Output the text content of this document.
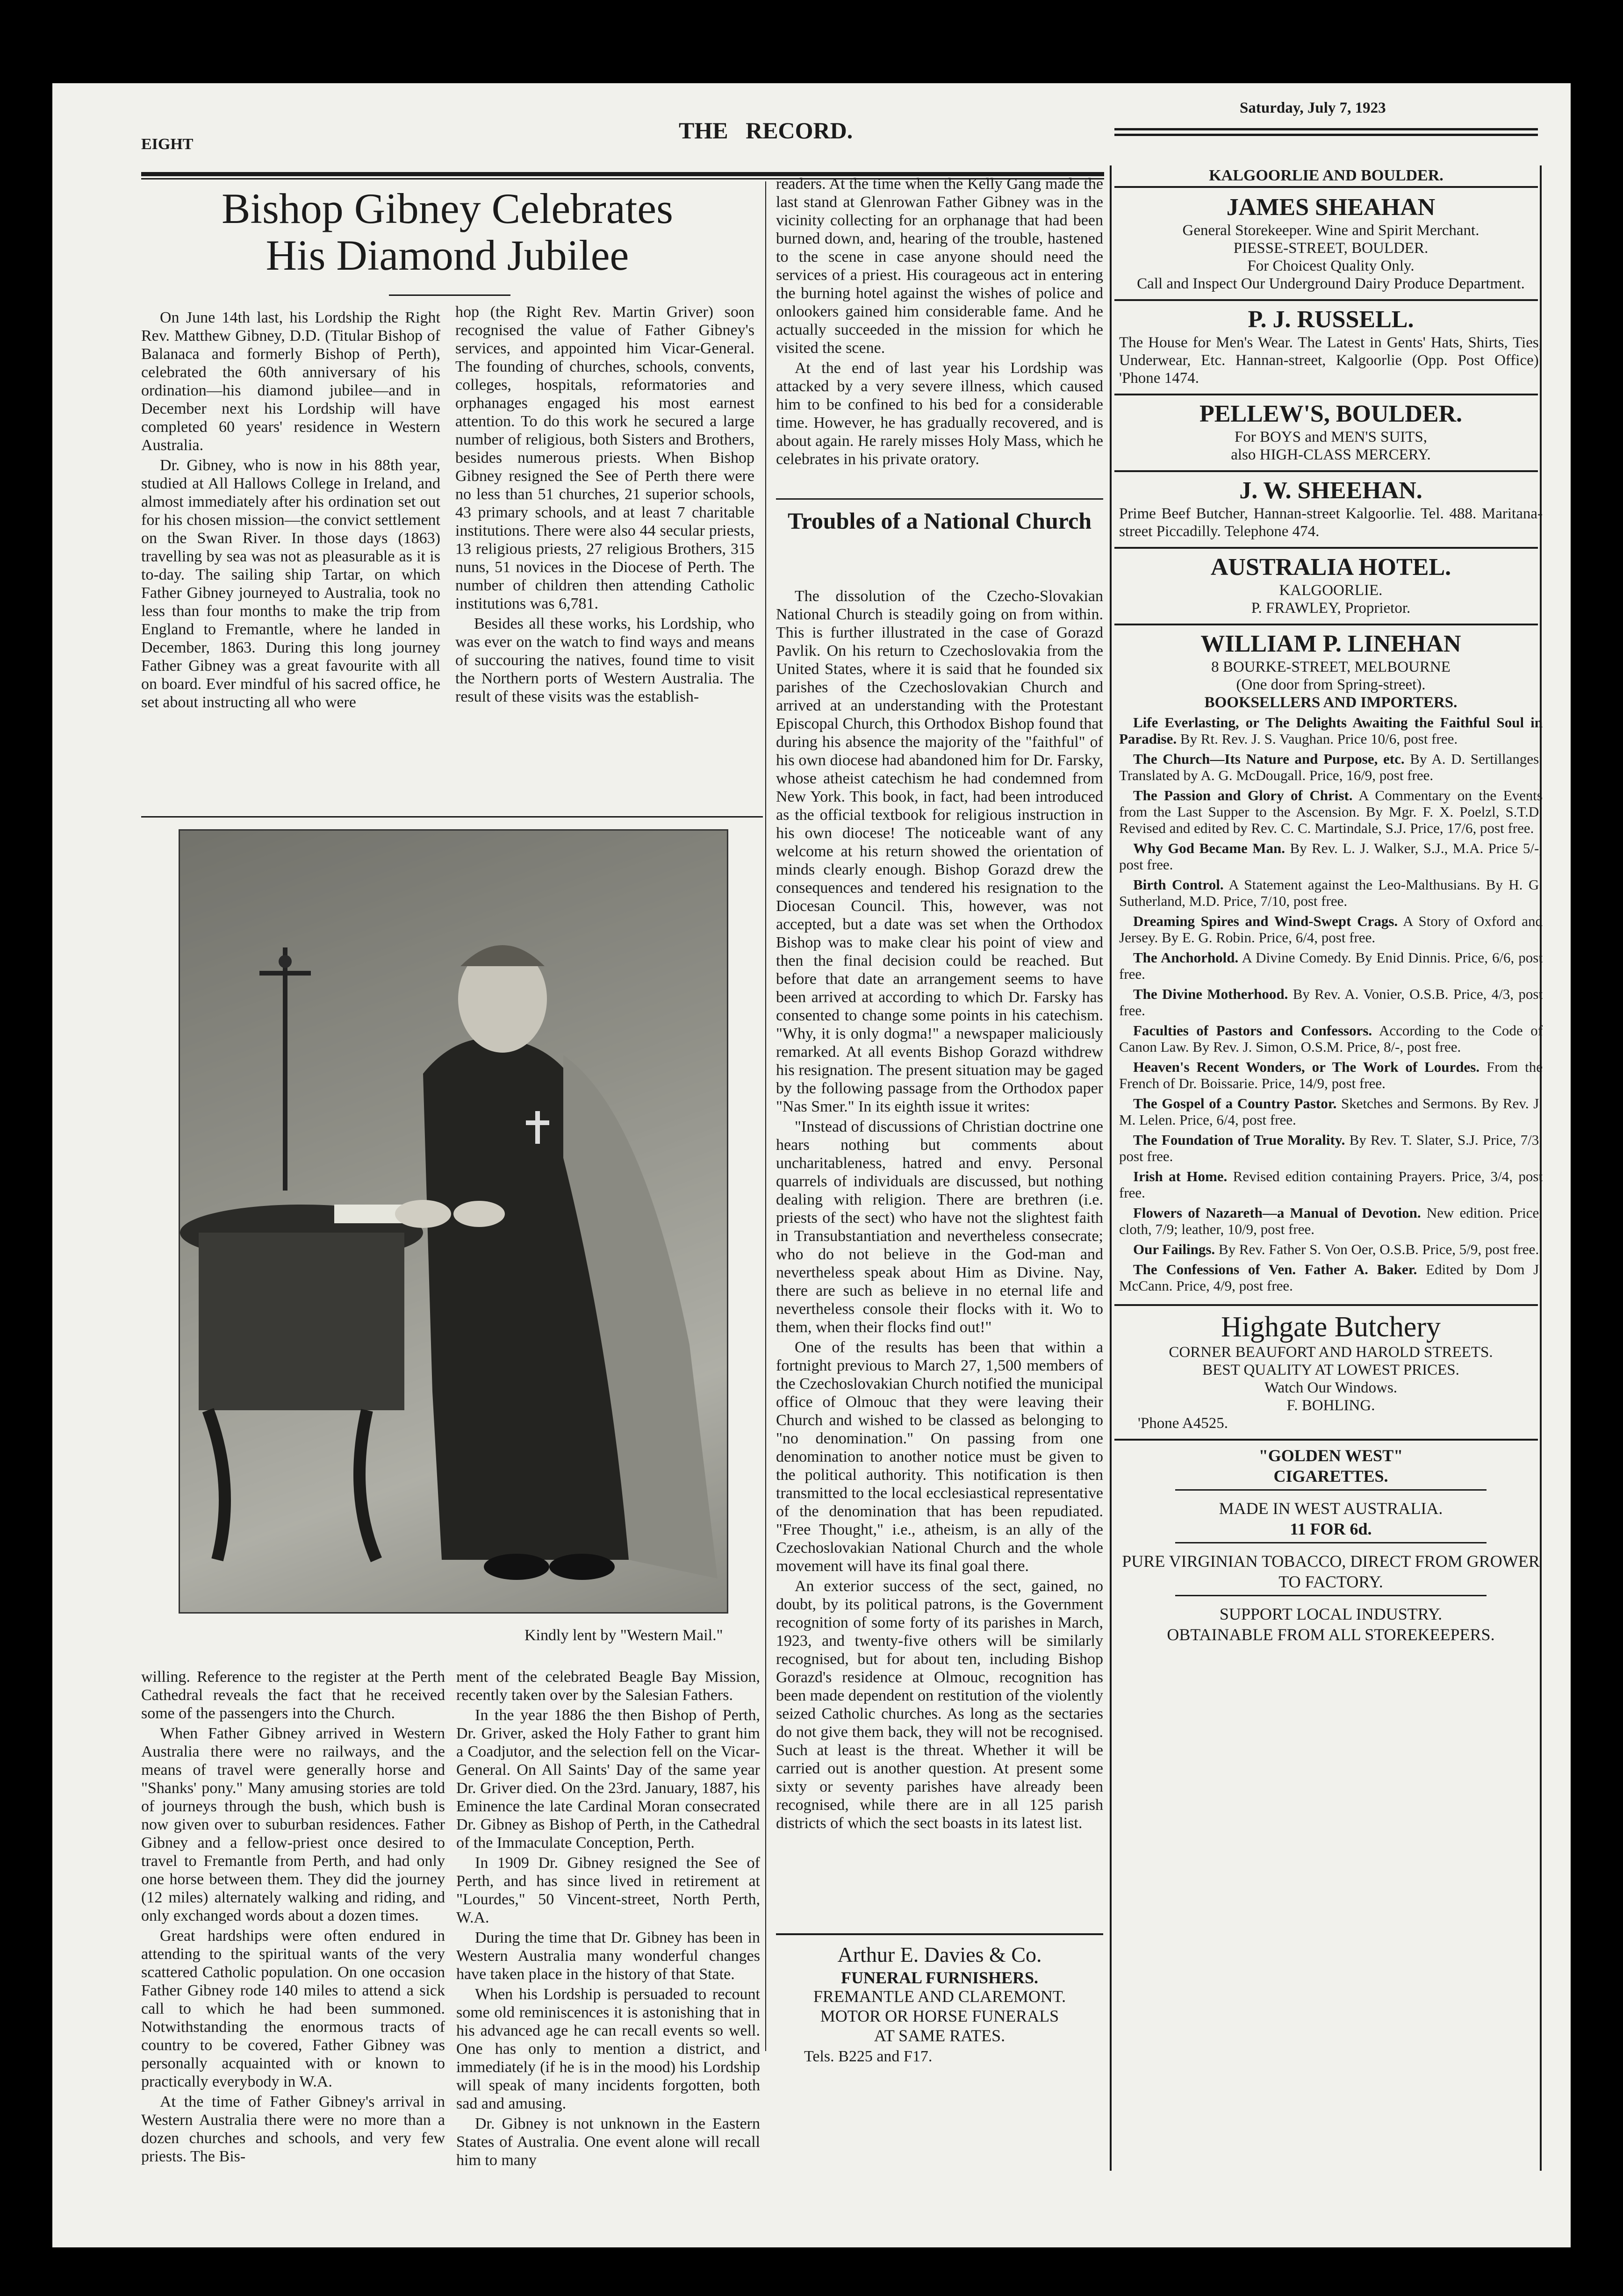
EIGHT
THE   RECORD.
Saturday, July 7, 1923
Bishop Gibney Celebrates
His Diamond Jubilee

On June 14th last, his Lordship the Right Rev. Matthew Gibney, D.D. (Titular Bishop of Balanaca and formerly Bishop of Perth), celebrated the 60th anniversary of his ordination—his diamond jubilee—and in December next his Lordship will have completed 60 years' residence in Western Australia.

Dr. Gibney, who is now in his 88th year, studied at All Hallows College in Ireland, and almost immediately after his ordination set out for his chosen mission—the convict settlement on the Swan River. In those days (1863) travelling by sea was not as pleasurable as it is to-day. The sailing ship Tartar, on which Father Gibney journeyed to Australia, took no less than four months to make the trip from England to Fremantle, where he landed in December, 1863. During this long journey Father Gibney was a great favourite with all on board. Ever mindful of his sacred office, he set about instructing all who were

hop (the Right Rev. Martin Griver) soon recognised the value of Father Gibney's services, and appointed him Vicar-General. The founding of churches, schools, convents, colleges, hospitals, reformatories and orphanages engaged his most earnest attention. To do this work he secured a large number of religious, both Sisters and Brothers, besides numerous priests. When Bishop Gibney resigned the See of Perth there were no less than 51 churches, 21 superior schools, 43 primary schools, and at least 7 charitable institutions. There were also 44 secular priests, 13 religious priests, 27 religious Brothers, 315 nuns, 51 novices in the Diocese of Perth. The number of children then attending Catholic institutions was 6,781.

Besides all these works, his Lordship, who was ever on the watch to find ways and means of succouring the natives, found time to visit the Northern ports of Western Australia. The result of these visits was the establish-

readers. At the time when the Kelly Gang made the last stand at Glenrowan Father Gibney was in the vicinity collecting for an orphanage that had been burned down, and, hearing of the trouble, hastened to the scene in case anyone should need the services of a priest. His courageous act in entering the burning hotel against the wishes of police and onlookers gained him considerable fame. And he actually succeeded in the mission for which he visited the scene.

At the end of last year his Lordship was attacked by a very severe illness, which caused him to be confined to his bed for a considerable time. However, he has gradually recovered, and is about again. He rarely misses Holy Mass, which he celebrates in his private oratory.

Kindly lent by "Western Mail."

willing. Reference to the register at the Perth Cathedral reveals the fact that he received some of the passengers into the Church.

When Father Gibney arrived in Western Australia there were no railways, and the means of travel were generally horse and "Shanks' pony." Many amusing stories are told of journeys through the bush, which bush is now given over to suburban residences. Father Gibney and a fellow-priest once desired to travel to Fremantle from Perth, and had only one horse between them. They did the journey (12 miles) alternately walking and riding, and only exchanged words about a dozen times.

Great hardships were often endured in attending to the spiritual wants of the very scattered Catholic population. On one occasion Father Gibney rode 140 miles to attend a sick call to which he had been summoned. Notwithstanding the enormous tracts of country to be covered, Father Gibney was personally acquainted with or known to practically everybody in W.A.

At the time of Father Gibney's arrival in Western Australia there were no more than a dozen churches and schools, and very few priests. The Bis-

ment of the celebrated Beagle Bay Mission, recently taken over by the Salesian Fathers.

In the year 1886 the then Bishop of Perth, Dr. Griver, asked the Holy Father to grant him a Coadjutor, and the selection fell on the Vicar-General. On All Saints' Day of the same year Dr. Griver died. On the 23rd. January, 1887, his Eminence the late Cardinal Moran consecrated Dr. Gibney as Bishop of Perth, in the Cathedral of the Immaculate Conception, Perth.

In 1909 Dr. Gibney resigned the See of Perth, and has since lived in retirement at "Lourdes," 50 Vincent-street, North Perth, W.A.

During the time that Dr. Gibney has been in Western Australia many wonderful changes have taken place in the history of that State.

When his Lordship is persuaded to recount some old reminiscences it is astonishing that in his advanced age he can recall events so well. One has only to mention a district, and immediately (if he is in the mood) his Lordship will speak of many incidents forgotten, both sad and amusing.

Dr. Gibney is not unknown in the Eastern States of Australia. One event alone will recall him to many

Troubles of a National Church

The dissolution of the Czecho-Slovakian National Church is steadily going on from within. This is further illustrated in the case of Gorazd Pavlik. On his return to Czechoslovakia from the United States, where it is said that he founded six parishes of the Czechoslovakian Church and arrived at an understanding with the Protestant Episcopal Church, this Orthodox Bishop found that during his absence the majority of the "faithful" of his own diocese had abandoned him for Dr. Farsky, whose atheist catechism he had condemned from New York. This book, in fact, had been introduced as the official textbook for religious instruction in his own diocese! The noticeable want of any welcome at his return showed the orientation of minds clearly enough. Bishop Gorazd drew the consequences and tendered his resignation to the Diocesan Council. This, however, was not accepted, but a date was set when the Orthodox Bishop was to make clear his point of view and then the final decision could be reached. But before that date an arrangement seems to have been arrived at according to which Dr. Farsky has consented to change some points in his catechism. "Why, it is only dogma!" a newspaper maliciously remarked. At all events Bishop Gorazd withdrew his resignation. The present situation may be gaged by the following passage from the Orthodox paper "Nas Smer." In its eighth issue it writes:

"Instead of discussions of Christian doctrine one hears nothing but comments about uncharitableness, hatred and envy. Personal quarrels of individuals are discussed, but nothing dealing with religion. There are brethren (i.e. priests of the sect) who have not the slightest faith in Transubstantiation and nevertheless consecrate; who do not believe in the God-man and nevertheless speak about Him as Divine. Nay, there are such as believe in no eternal life and nevertheless console their flocks with it. Wo to them, when their flocks find out!"

One of the results has been that within a fortnight previous to March 27, 1,500 members of the Czechoslovakian Church notified the municipal office of Olmouc that they were leaving their Church and wished to be classed as belonging to "no denomination." On passing from one denomination to another notice must be given to the political authority. This notification is then transmitted to the local ecclesiastical representative of the denomination that has been repudiated. "Free Thought," i.e., atheism, is an ally of the Czechoslovakian National Church and the whole movement will have its final goal there.

An exterior success of the sect, gained, no doubt, by its political patrons, is the Government recognition of some forty of its parishes in March, 1923, and twenty-five others will be similarly recognised, but for about ten, including Bishop Gorazd's residence at Olmouc, recognition has been made dependent on restitution of the violently seized Catholic churches. As long as the sectaries do not give them back, they will not be recognised. Such at least is the threat. Whether it will be carried out is another question. At present some sixty or seventy parishes have already been recognised, while there are in all 125 parish districts of which the sect boasts in its latest list.

Arthur E. Davies & Co.
FUNERAL FURNISHERS.
FREMANTLE AND CLAREMONT.
MOTOR OR HORSE FUNERALS
AT SAME RATES.
Tels. B225 and F17.
KALGOORLIE AND BOULDER.
JAMES SHEAHAN
General Storekeeper. Wine and Spirit Merchant.
PIESSE-STREET, BOULDER.
For Choicest Quality Only.
Call and Inspect Our Underground Dairy Produce Department.
P. J. RUSSELL.
The House for Men's Wear. The Latest in Gents' Hats, Shirts, Ties, Underwear, Etc. Hannan-street, Kalgoorlie (Opp. Post Office). 'Phone 1474.
PELLEW'S, BOULDER.
For BOYS and MEN'S SUITS,
also HIGH-CLASS MERCERY.
J. W. SHEEHAN.
Prime Beef Butcher, Hannan-street Kalgoorlie. Tel. 488. Maritana-street Piccadilly. Telephone 474.
AUSTRALIA HOTEL.
KALGOORLIE.
P. FRAWLEY, Proprietor.
WILLIAM P. LINEHAN
8 BOURKE-STREET, MELBOURNE
(One door from Spring-street).
BOOKSELLERS AND IMPORTERS.
Life Everlasting, or The Delights Awaiting the Faithful Soul in Paradise. By Rt. Rev. J. S. Vaughan. Price 10/6, post free.
The Church—Its Nature and Purpose, etc. By A. D. Sertillanges. Translated by A. G. McDougall. Price, 16/9, post free.
The Passion and Glory of Christ. A Commentary on the Events from the Last Supper to the Ascension. By Mgr. F. X. Poelzl, S.T.D. Revised and edited by Rev. C. C. Martindale, S.J. Price, 17/6, post free.
Why God Became Man. By Rev. L. J. Walker, S.J., M.A. Price 5/-, post free.
Birth Control. A Statement against the Leo-Malthusians. By H. G. Sutherland, M.D. Price, 7/10, post free.
Dreaming Spires and Wind-Swept Crags. A Story of Oxford and Jersey. By E. G. Robin. Price, 6/4, post free.
The Anchorhold. A Divine Comedy. By Enid Dinnis. Price, 6/6, post free.
The Divine Motherhood. By Rev. A. Vonier, O.S.B. Price, 4/3, post free.
Faculties of Pastors and Confessors. According to the Code of Canon Law. By Rev. J. Simon, O.S.M. Price, 8/-, post free.
Heaven's Recent Wonders, or The Work of Lourdes. From the French of Dr. Boissarie. Price, 14/9, post free.
The Gospel of a Country Pastor. Sketches and Sermons. By Rev. J. M. Lelen. Price, 6/4, post free.
The Foundation of True Morality. By Rev. T. Slater, S.J. Price, 7/3, post free.
Irish at Home. Revised edition containing Prayers. Price, 3/4, post free.
Flowers of Nazareth—a Manual of Devotion. New edition. Price, cloth, 7/9; leather, 10/9, post free.
Our Failings. By Rev. Father S. Von Oer, O.S.B. Price, 5/9, post free.
The Confessions of Ven. Father A. Baker. Edited by Dom J. McCann. Price, 4/9, post free.
Highgate Butchery
CORNER BEAUFORT AND HAROLD STREETS.
BEST QUALITY AT LOWEST PRICES.
Watch Our Windows.
F. BOHLING.
'Phone A4525.
"GOLDEN WEST"
CIGARETTES.
MADE IN WEST AUSTRALIA.
11 FOR 6d.
PURE VIRGINIAN TOBACCO, DIRECT FROM GROWER TO FACTORY.
SUPPORT LOCAL INDUSTRY.
OBTAINABLE FROM ALL STOREKEEPERS.
